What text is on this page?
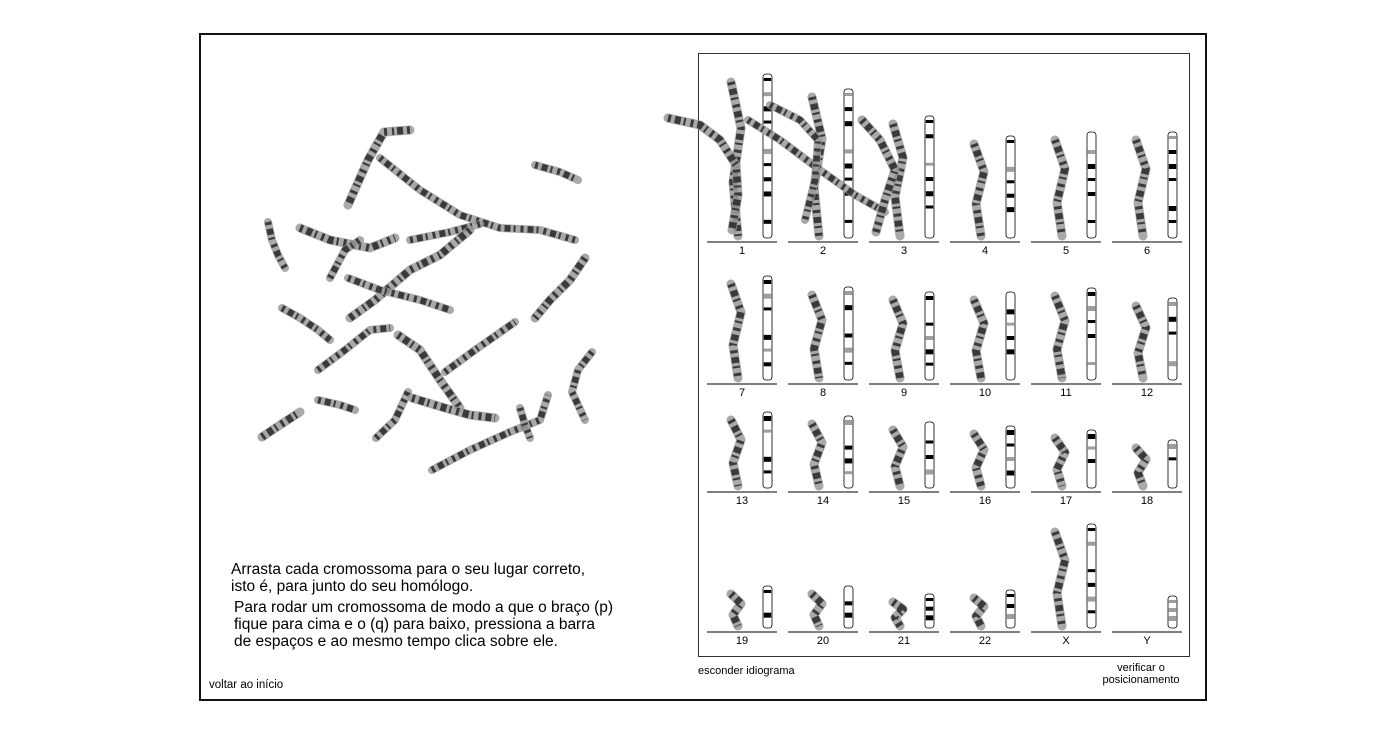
Arrasta cada cromossoma para o seu lugar correto,
isto é, para junto do seu homólogo.

Para rodar um cromossoma de modo a que o braço (p)
fique para cima e o (q) para baixo, pressiona a barra
de espaços e ao mesmo tempo clica sobre ele.

voltar ao início
1	2	3	4	5	6
7	8	9	10	11	12
13	14	15	16	17	18
19	20	21	22	X	Y
esconder idiograma	verificar o
posicionamento
